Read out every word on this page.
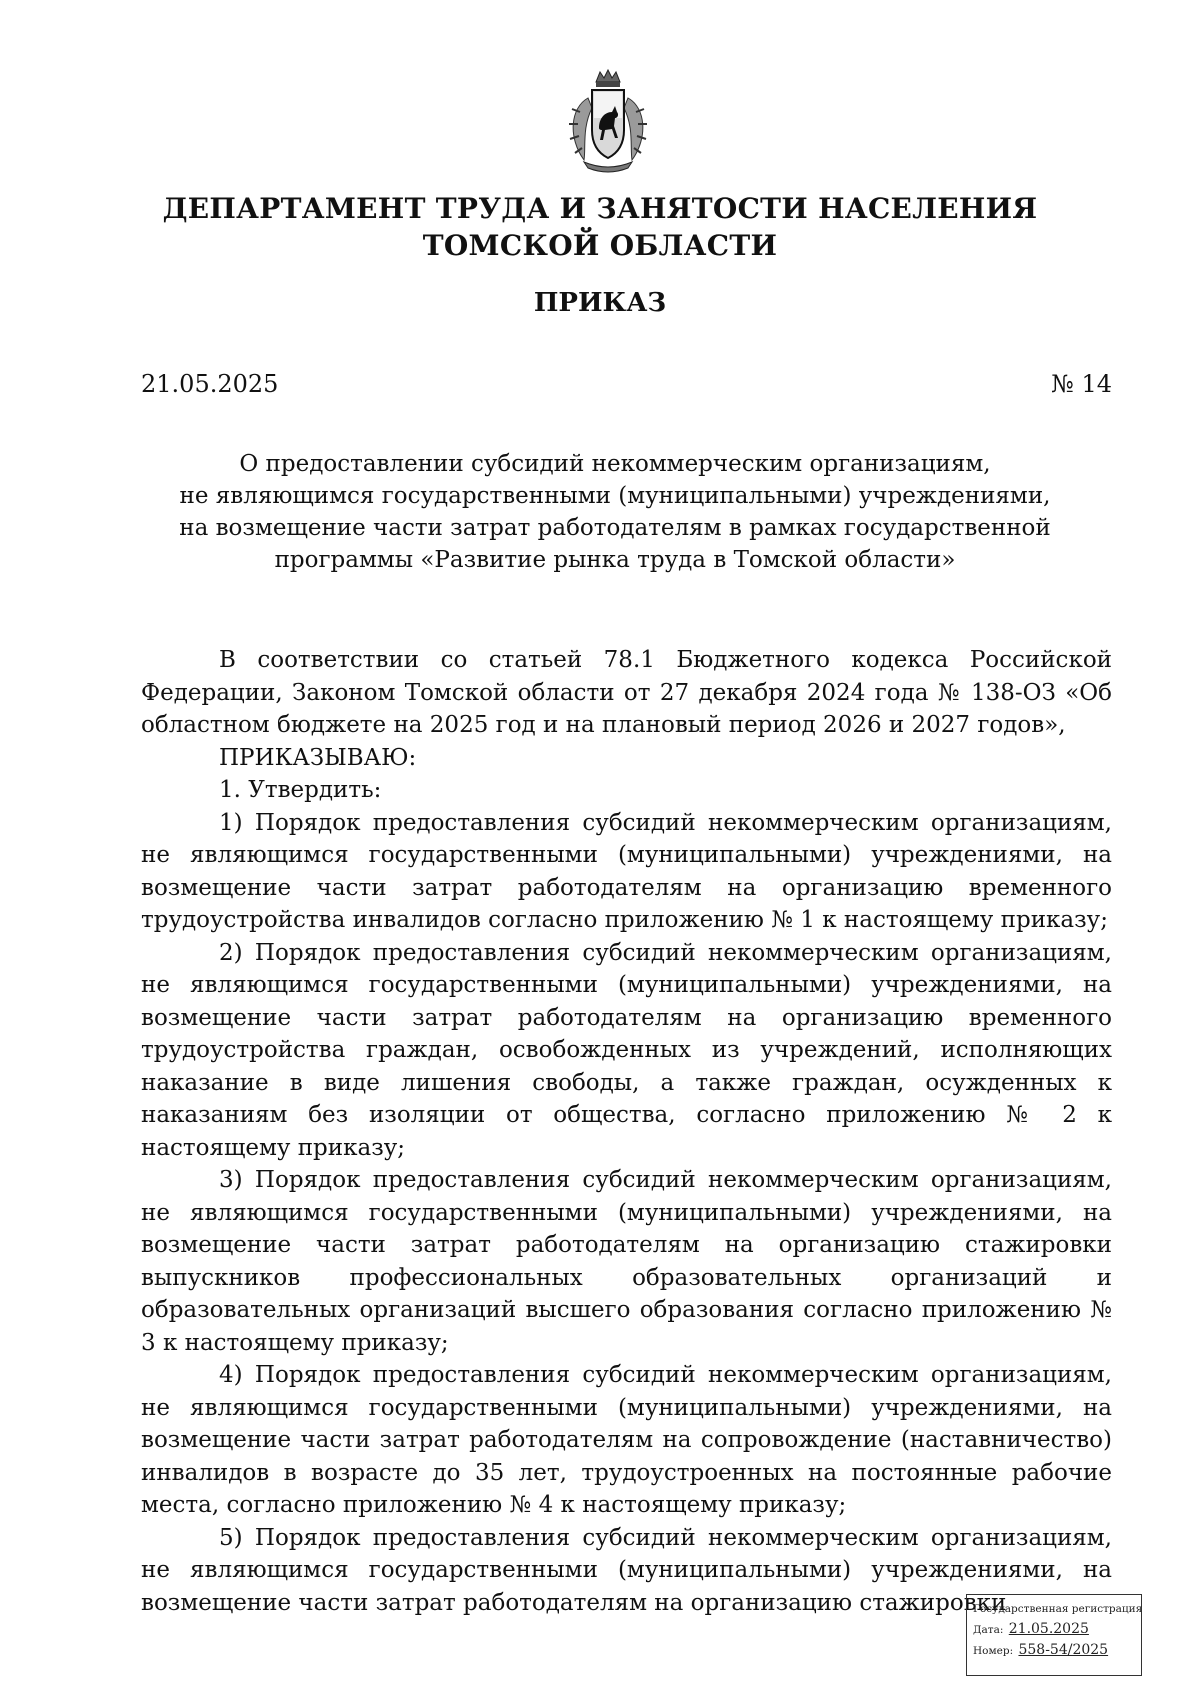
ДЕПАРТАМЕНТ ТРУДА И ЗАНЯТОСТИ НАСЕЛЕНИЯ
ТОМСКОЙ ОБЛАСТИ
ПРИКАЗ
21.05.2025	№ 14
О предоставлении субсидий некоммерческим организациям,
не являющимся государственными (муниципальными) учреждениями,
на возмещение части затрат работодателям в рамках государственной
программы «Развитие рынка труда в Томской области»
В соответствии со статьей 78.1 Бюджетного кодекса Российской Федерации, Законом Томской области от 27 декабря 2024 года № 138-ОЗ «Об областном бюджете на 2025 год и на плановый период 2026 и 2027 годов»,
ПРИКАЗЫВАЮ:
1. Утвердить:
1) Порядок предоставления субсидий некоммерческим организациям, не являющимся государственными (муниципальными) учреждениями, на возмещение части затрат работодателям на организацию временного трудоустройства инвалидов согласно приложению № 1 к настоящему приказу;
2) Порядок предоставления субсидий некоммерческим организациям, не являющимся государственными (муниципальными) учреждениями, на возмещение части затрат работодателям на организацию временного трудоустройства граждан, освобожденных из учреждений, исполняющих наказание в виде лишения свободы, а также граждан, осужденных к наказаниям без изоляции от общества, согласно приложению № 2 к настоящему приказу;
3) Порядок предоставления субсидий некоммерческим организациям, не являющимся государственными (муниципальными) учреждениями, на возмещение части затрат работодателям на организацию стажировки выпускников профессиональных образовательных организаций и образовательных организаций высшего образования согласно приложению № 3 к настоящему приказу;
4) Порядок предоставления субсидий некоммерческим организациям, не являющимся государственными (муниципальными) учреждениями, на возмещение части затрат работодателям на сопровождение (наставничество) инвалидов в возрасте до 35 лет, трудоустроенных на постоянные рабочие места, согласно приложению № 4 к настоящему приказу;
5) Порядок предоставления субсидий некоммерческим организациям, не являющимся государственными (муниципальными) учреждениями, на возмещение части затрат работодателям на организацию стажировки
Государственная регистрация
Дата: 21.05.2025
Номер: 558-54/2025
